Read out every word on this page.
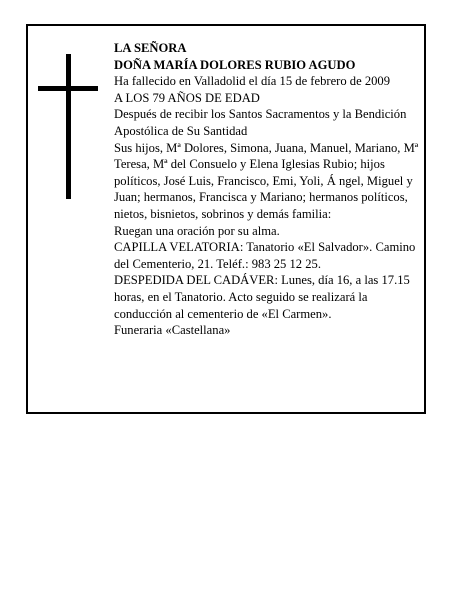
LA SEÑORA

DOÑA MARÍA DOLORES RUBIO AGUDO

Ha fallecido en Valladolid el día 15 de febrero de 2009

A LOS 79 AÑOS DE EDAD

Después de recibir los Santos Sacramentos y la Bendición Apostólica de Su Santidad

Sus hijos, Mª Dolores, Simona, Juana, Manuel, Mariano, Mª Teresa, Mª del Consuelo y Elena Iglesias Rubio; hijos políticos, José Luis, Francisco, Emi, Yoli, Á ngel, Miguel y Juan; hermanos, Francisca y Mariano; hermanos políticos, nietos, bisnietos, sobrinos y demás familia:

Ruegan una oración por su alma.

CAPILLA VELATORIA: Tanatorio «El Salvador». Camino del Cementerio, 21. Teléf.: 983 25 12 25.

DESPEDIDA DEL CADÁVER: Lunes, día 16, a las 17.15 horas, en el Tanatorio. Acto seguido se realizará la conducción al cementerio de «El Carmen».

Funeraria «Castellana»
